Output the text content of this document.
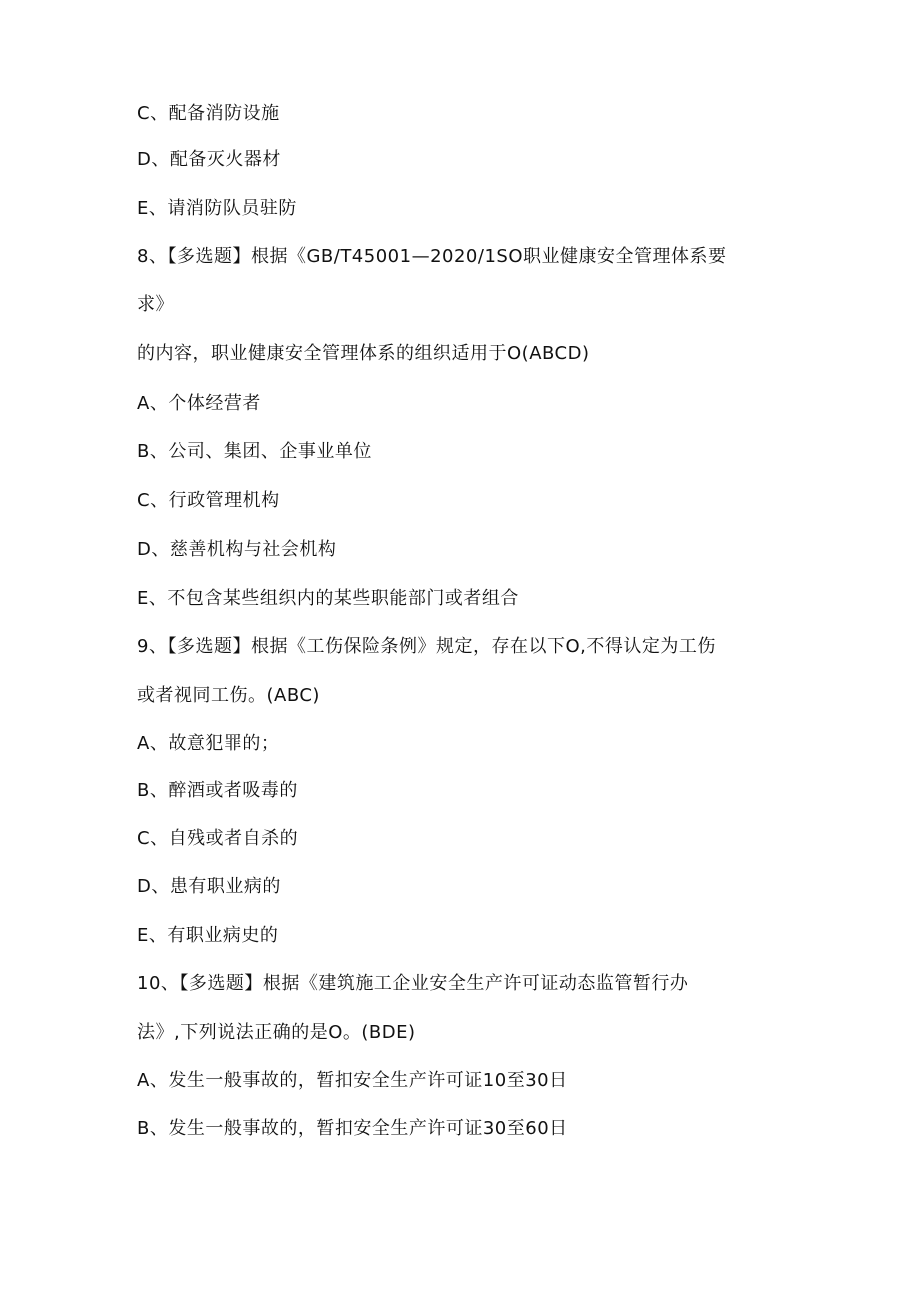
C、配备消防设施
D、配备灭火器材
E、请消防队员驻防
8、【多选题】根据《GB/T45001—2020/1SO职业健康安全管理体系要
求》
的内容，职业健康安全管理体系的组织适用于O(ABCD)
A、个体经营者
B、公司、集团、企事业单位
C、行政管理机构
D、慈善机构与社会机构
E、不包含某些组织内的某些职能部门或者组合
9、【多选题】根据《工伤保险条例》规定，存在以下O,不得认定为工伤
或者视同工伤。(ABC)
A、故意犯罪的；
B、醉酒或者吸毒的
C、自残或者自杀的
D、患有职业病的
E、有职业病史的
10、【多选题】根据《建筑施工企业安全生产许可证动态监管暂行办
法》,下列说法正确的是O。(BDE)
A、发生一般事故的，暂扣安全生产许可证10至30日
B、发生一般事故的，暂扣安全生产许可证30至60日
